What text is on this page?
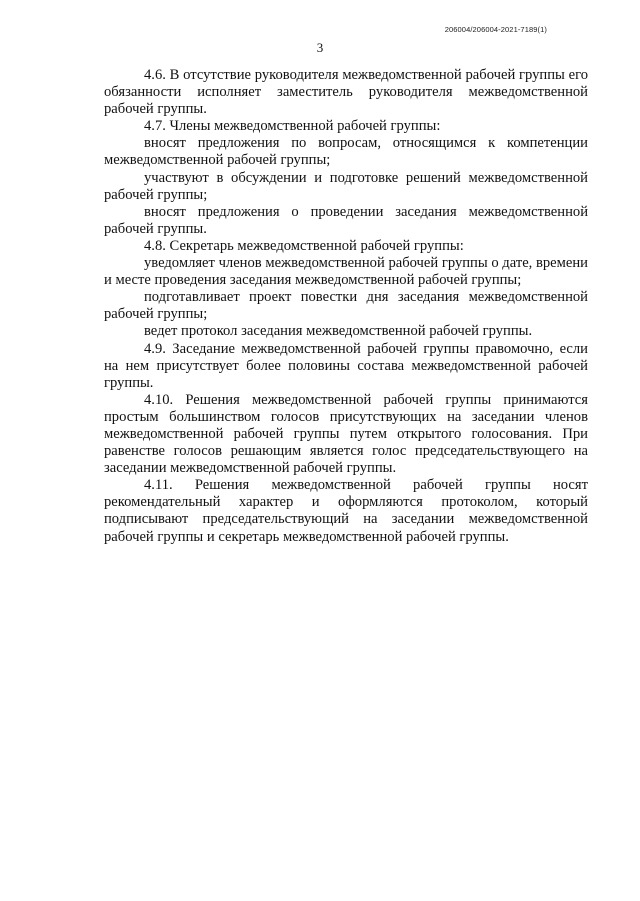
206004/206004-2021-7189(1)
3

4.6. В отсутствие руководителя межведомственной рабочей группы его обязанности исполняет заместитель руководителя межведомственной рабочей группы.

4.7. Члены межведомственной рабочей группы:

вносят предложения по вопросам, относящимся к компетенции межведомственной рабочей группы;

участвуют в обсуждении и подготовке решений межведомственной рабочей группы;

вносят предложения о проведении заседания межведомственной рабочей группы.

4.8. Секретарь межведомственной рабочей группы:

уведомляет членов межведомственной рабочей группы о дате, времени и месте проведения заседания межведомственной рабочей группы;

подготавливает проект повестки дня заседания межведомственной рабочей группы;

ведет протокол заседания межведомственной рабочей группы.

4.9. Заседание межведомственной рабочей группы правомочно, если на нем присутствует более половины состава межведомственной рабочей группы.

4.10. Решения межведомственной рабочей группы принимаются простым большинством голосов присутствующих на заседании членов межведомственной рабочей группы путем открытого голосования. При равенстве голосов решающим является голос председательствующего на заседании межведомственной рабочей группы.

4.11. Решения межведомственной рабочей группы носят рекомендательный характер и оформляются протоколом, который подписывают председательствующий на заседании межведомственной рабочей группы и секретарь межведомственной рабочей группы.
